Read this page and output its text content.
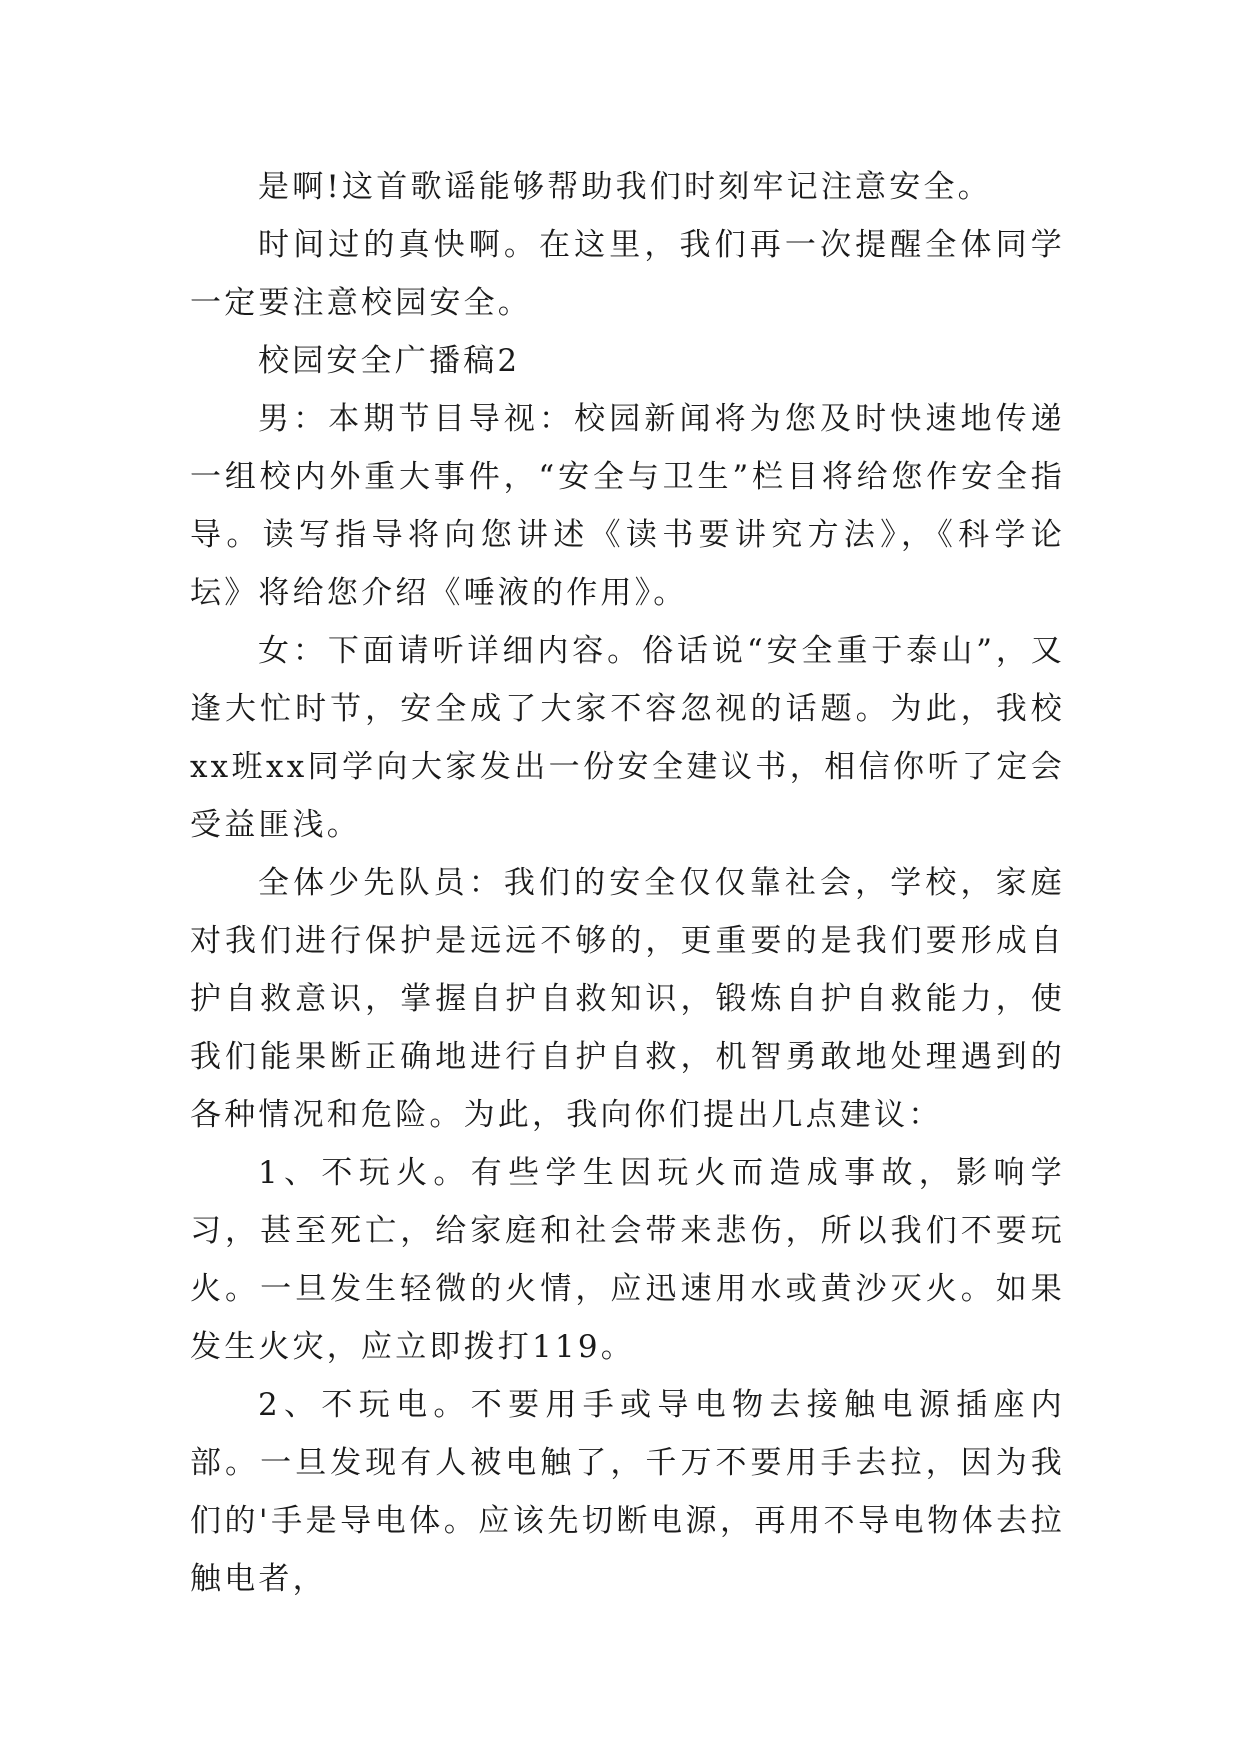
是啊!这首歌谣能够帮助我们时刻牢记注意安全。

时间过的真快啊。在这里，我们再一次提醒全体同学一定要注意校园安全。

校园安全广播稿2

男：本期节目导视：校园新闻将为您及时快速地传递一组校内外重大事件，“安全与卫生”栏目将给您作安全指导。读写指导将向您讲述《读书要讲究方法》，《科学论坛》将给您介绍《唾液的作用》。

女：下面请听详细内容。俗话说“安全重于泰山”，又逢大忙时节，安全成了大家不容忽视的话题。为此，我校xx班xx同学向大家发出一份安全建议书，相信你听了定会受益匪浅。

全体少先队员：我们的安全仅仅靠社会，学校，家庭对我们进行保护是远远不够的，更重要的是我们要形成自护自救意识，掌握自护自救知识，锻炼自护自救能力，使我们能果断正确地进行自护自救，机智勇敢地处理遇到的各种情况和危险。为此，我向你们提出几点建议：

1、不玩火。有些学生因玩火而造成事故，影响学习，甚至死亡，给家庭和社会带来悲伤，所以我们不要玩火。一旦发生轻微的火情，应迅速用水或黄沙灭火。如果发生火灾，应立即拨打119。

2、不玩电。不要用手或导电物去接触电源插座内部。一旦发现有人被电触了，千万不要用手去拉，因为我们的'手是导电体。应该先切断电源，再用不导电物体去拉触电者，
